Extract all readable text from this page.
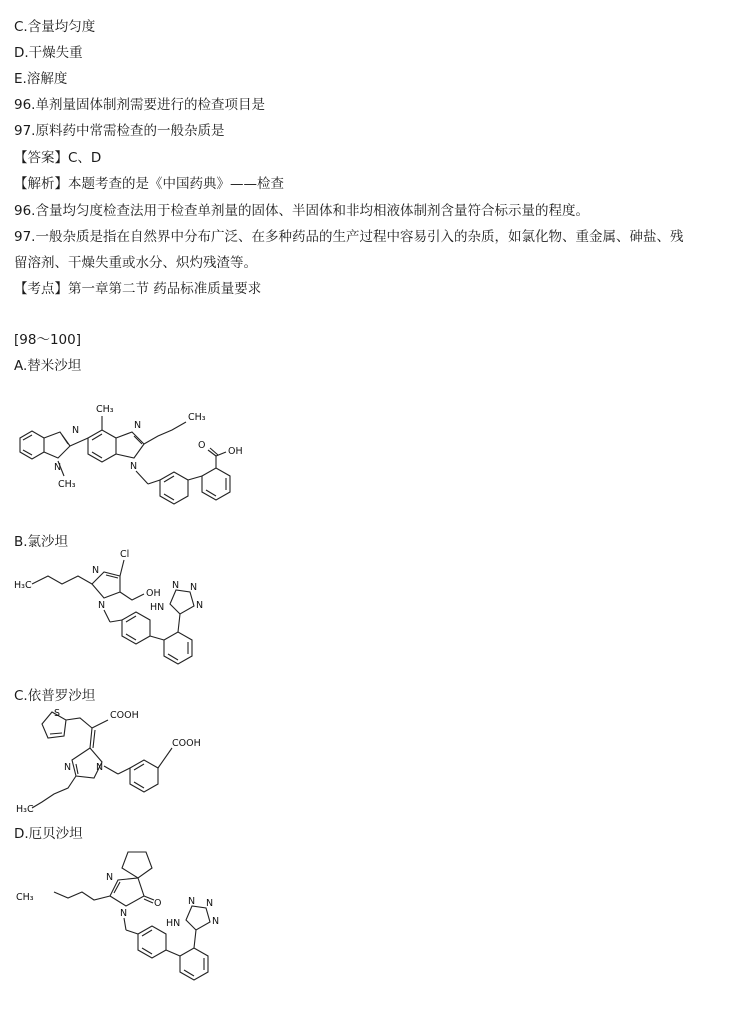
C.含量均匀度
D.干燥失重
E.溶解度
96.单剂量固体制剂需要进行的检查项目是
97.原料药中常需检查的一般杂质是
【答案】C、D
【解析】本题考查的是《中国药典》——检查
96.含量均匀度检查法用于检查单剂量的固体、半固体和非均相液体制剂含量符合标示量的程度。
97.一般杂质是指在自然界中分布广泛、在多种药品的生产过程中容易引入的杂质，如氯化物、重金属、砷盐、残
留溶剂、干燥失重或水分、炽灼残渣等。
【考点】第一章第二节 药品标准质量要求
[98～100]
A.替米沙坦
B.氯沙坦
C.依普罗沙坦
D.厄贝沙坦
N
N
CH₃
CH₃
N
N
CH₃
O
OH
H₃C
N
N
Cl
OH
N N
N
HN
S	COOH
N	N
H₃C
COOH
N
N
O
CH₃	N N
N
HN
